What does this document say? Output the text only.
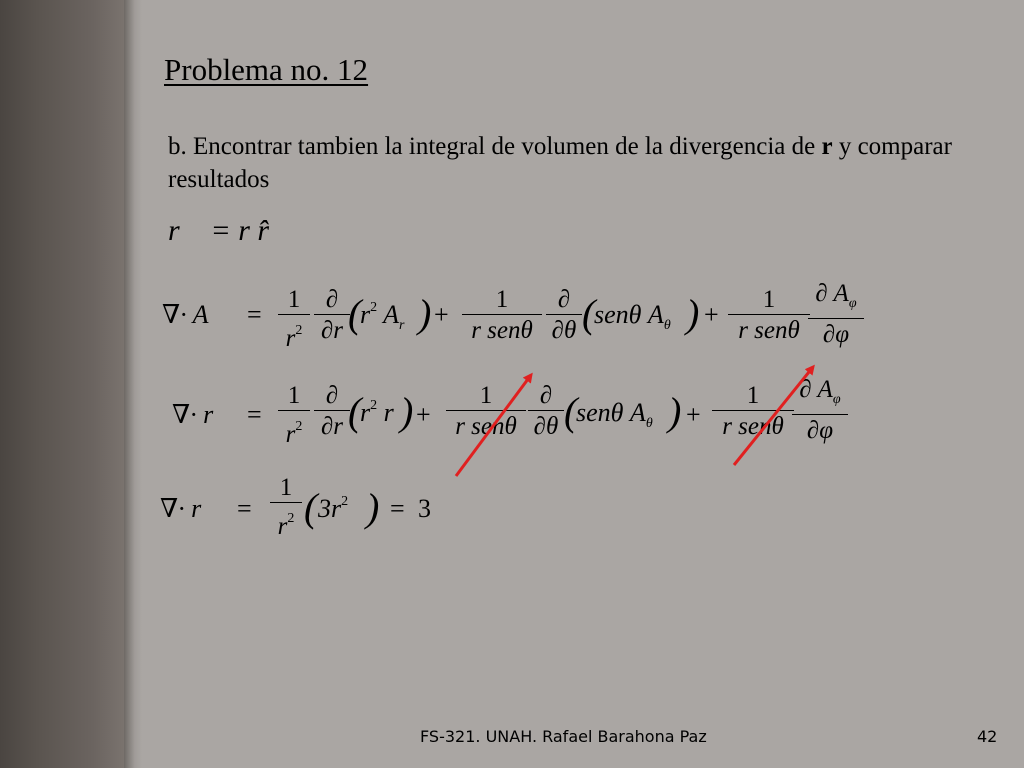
Problema no. 12
b. Encontrar tambien la integral de volumen de la divergencia de r y comparar resultados
r⃗ = r r̂
∇· A⃗ =
1
$r^2$
∂
∂r (
$r^2$ $A_r$ ) +
1
r senθ
∂
∂θ (
senθ $A_\theta$ ) +
1
r senθ
∂ $A_\varphi$
∂φ
∇· r⃗ =
1
$r^2$
∂
∂r (
$r^2$ r ) +
1
r senθ
∂
∂θ (
senθ $A_\theta$ ) +
1
r senθ
∂ $A_\varphi$
∂φ
∇· r⃗ =
1
$r^2$ ( $3r^2$ ) = 3
FS-321. UNAH. Rafael Barahona Paz	42
